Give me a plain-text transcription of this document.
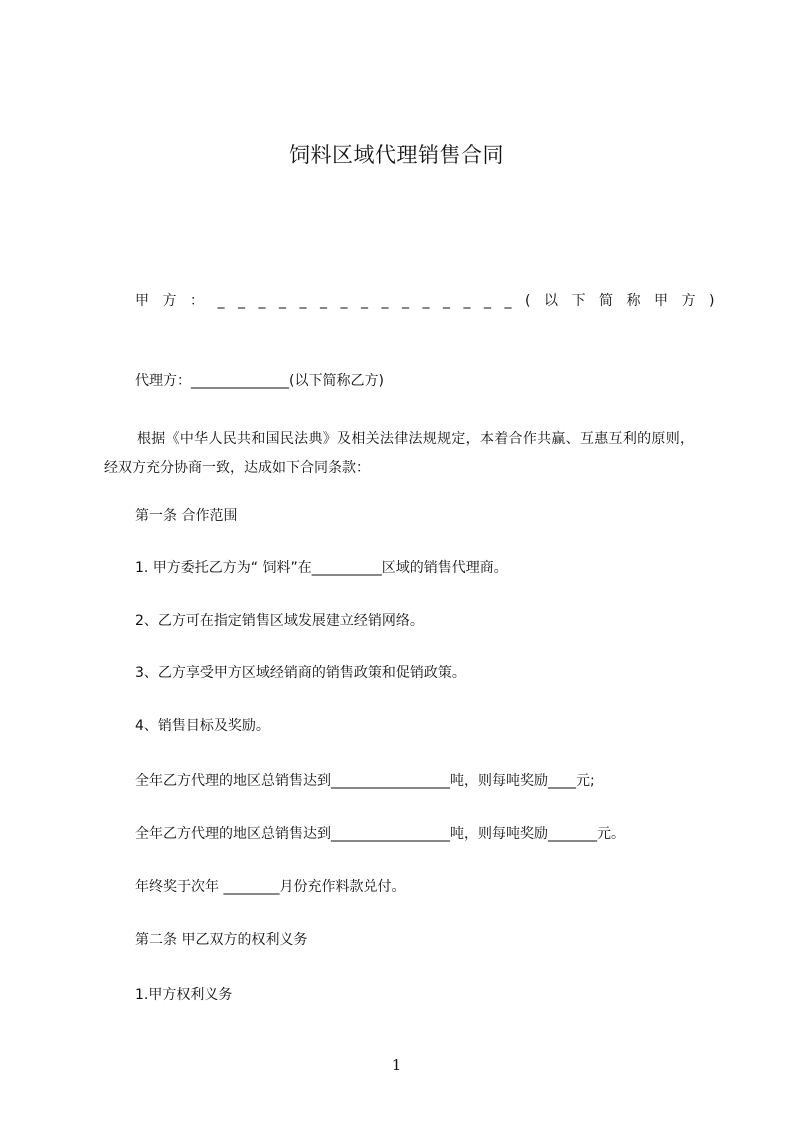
饲料区域代理销售合同
甲方：_______________(以下简称甲方)
代理方：______________(以下简称乙方)
根据《中华人民共和国民法典》及相关法律法规规定，本着合作共赢、互惠互利的原则，经双方充分协商一致，达成如下合同条款：
第一条 合作范围
1. 甲方委托乙方为“ 饲料”在__________区域的销售代理商。
2、乙方可在指定销售区域发展建立经销网络。
3、乙方享受甲方区域经销商的销售政策和促销政策。
4、销售目标及奖励。
全年乙方代理的地区总销售达到_________________吨，则每吨奖励____元;
全年乙方代理的地区总销售达到_________________吨，则每吨奖励_______元。
年终奖于次年 ________月份充作料款兑付。
第二条 甲乙双方的权利义务
1.甲方权利义务
1
